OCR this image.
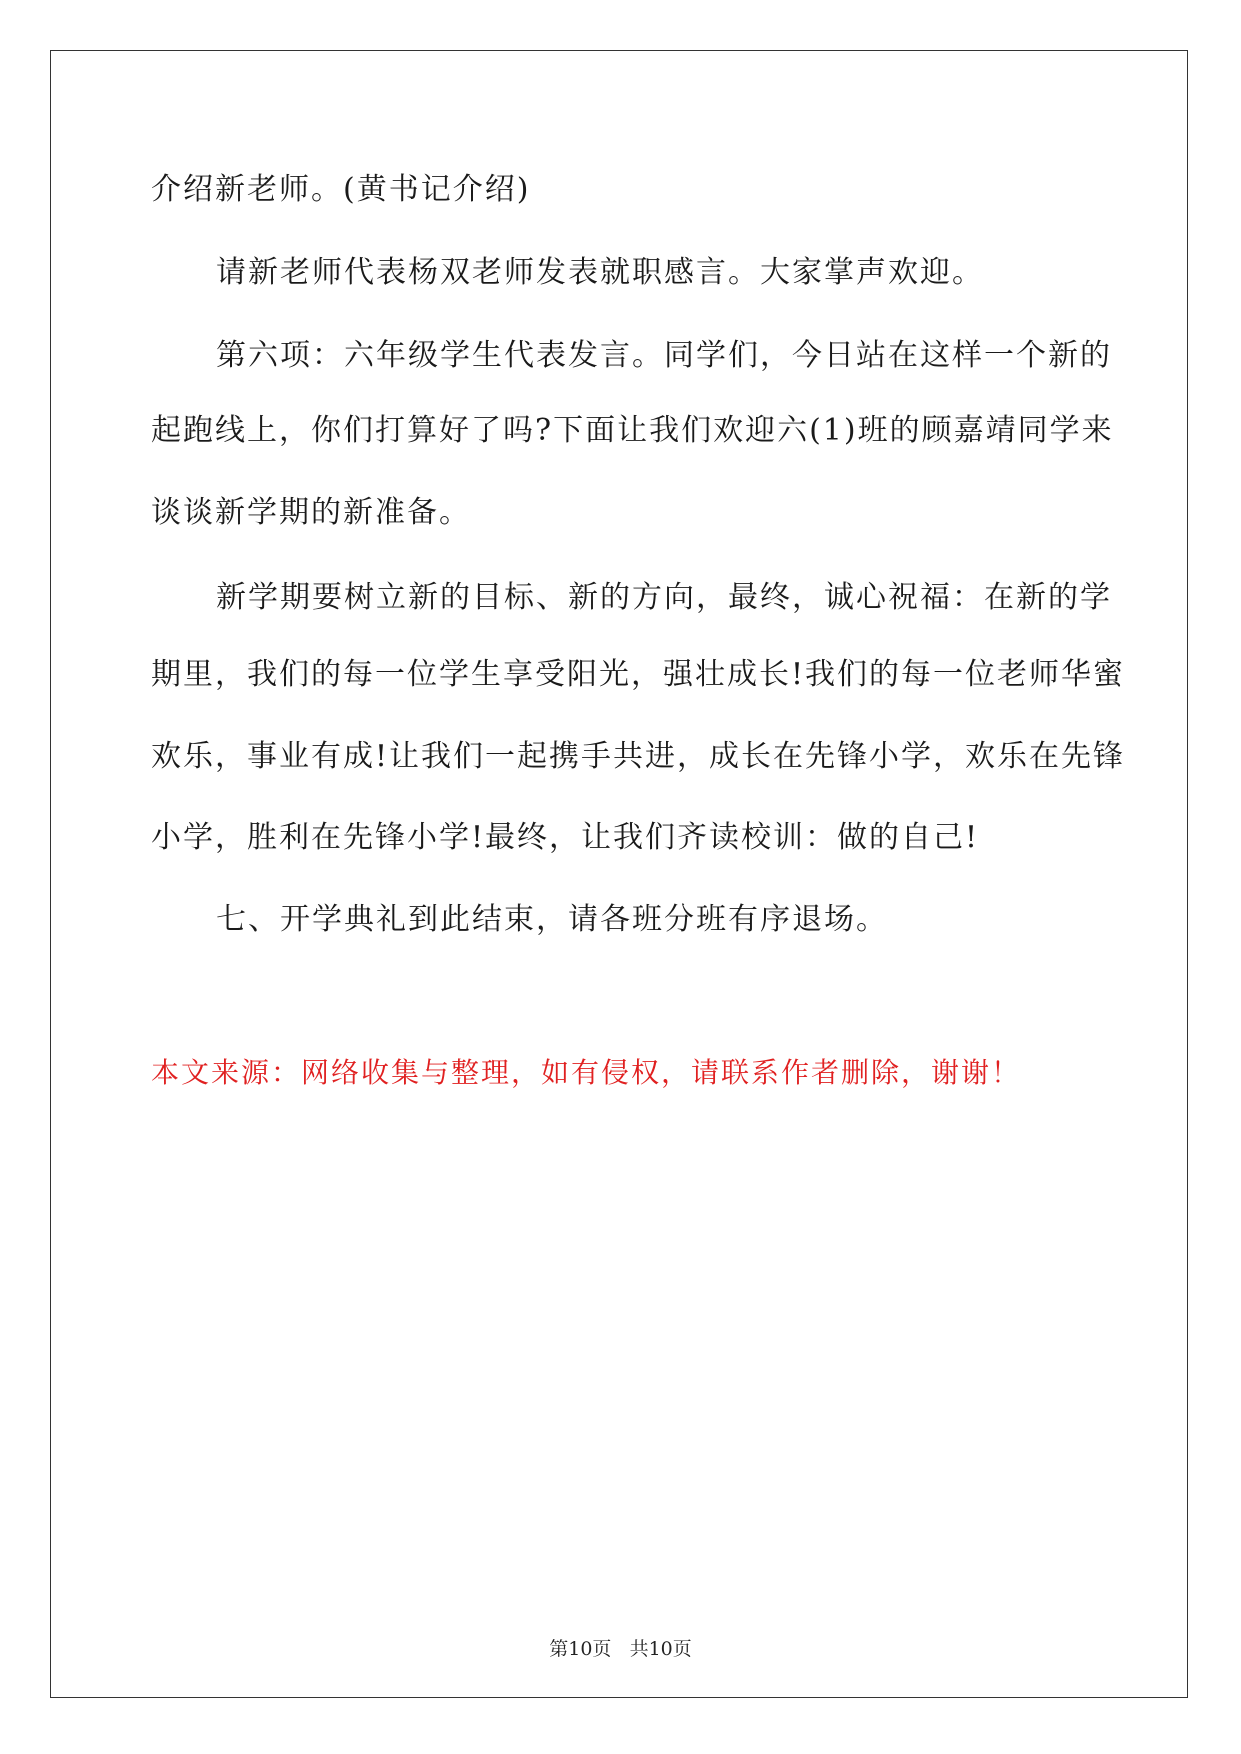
介绍新老师。(黄书记介绍)
请新老师代表杨双老师发表就职感言。大家掌声欢迎。
第六项：六年级学生代表发言。同学们，今日站在这样一个新的
起跑线上，你们打算好了吗?下面让我们欢迎六(1)班的顾嘉靖同学来
谈谈新学期的新准备。
新学期要树立新的目标、新的方向，最终，诚心祝福：在新的学
期里，我们的每一位学生享受阳光，强壮成长!我们的每一位老师华蜜
欢乐，事业有成!让我们一起携手共进，成长在先锋小学，欢乐在先锋
小学，胜利在先锋小学!最终，让我们齐读校训：做的自己!
七、开学典礼到此结束，请各班分班有序退场。
本文来源：网络收集与整理，如有侵权，请联系作者删除，谢谢！
第10页 共10页
